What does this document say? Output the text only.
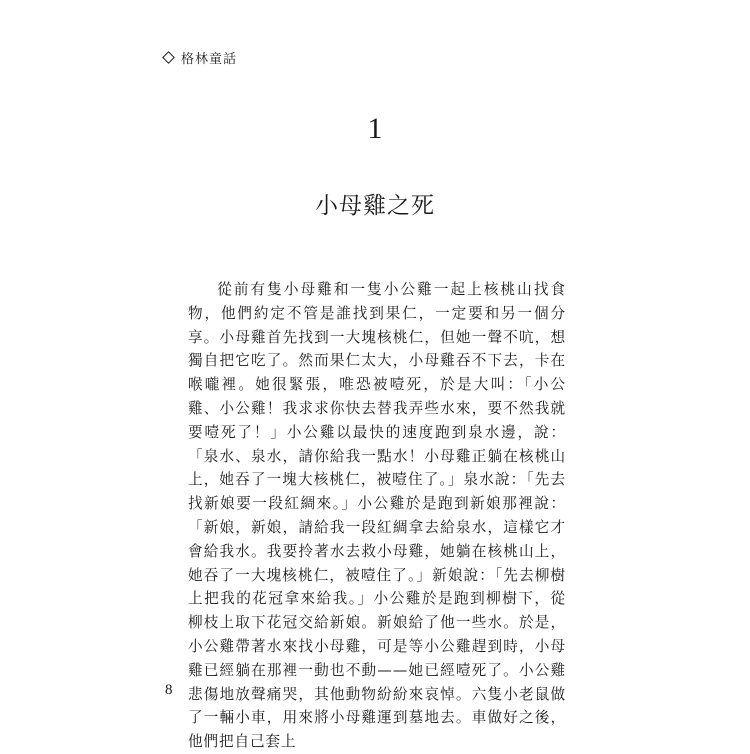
格林童話
1
小母雞之死

從前有隻小母雞和一隻小公雞一起上核桃山找食物，他們約定不管是誰找到果仁，一定要和另一個分享。小母雞首先找到一大塊核桃仁，但她一聲不吭，想獨自把它吃了。然而果仁太大，小母雞吞不下去，卡在喉嚨裡。她很緊張，唯恐被噎死，於是大叫：「小公雞、小公雞！我求求你快去替我弄些水來，要不然我就要噎死了！」小公雞以最快的速度跑到泉水邊，說：「泉水、泉水，請你給我一點水！小母雞正躺在核桃山上，她吞了一塊大核桃仁，被噎住了。」泉水說：「先去找新娘要一段紅綢來。」小公雞於是跑到新娘那裡說：「新娘，新娘，請給我一段紅綢拿去給泉水，這樣它才會給我水。我要拎著水去救小母雞，她躺在核桃山上，她吞了一大塊核桃仁，被噎住了。」新娘說：「先去柳樹上把我的花冠拿來給我。」小公雞於是跑到柳樹下，從柳枝上取下花冠交給新娘。新娘給了他一些水。於是，小公雞帶著水來找小母雞，可是等小公雞趕到時，小母雞已經躺在那裡一動也不動——她已經噎死了。小公雞悲傷地放聲痛哭，其他動物紛紛來哀悼。六隻小老鼠做了一輛小車，用來將小母雞運到墓地去。車做好之後，他們把自己套上

8
